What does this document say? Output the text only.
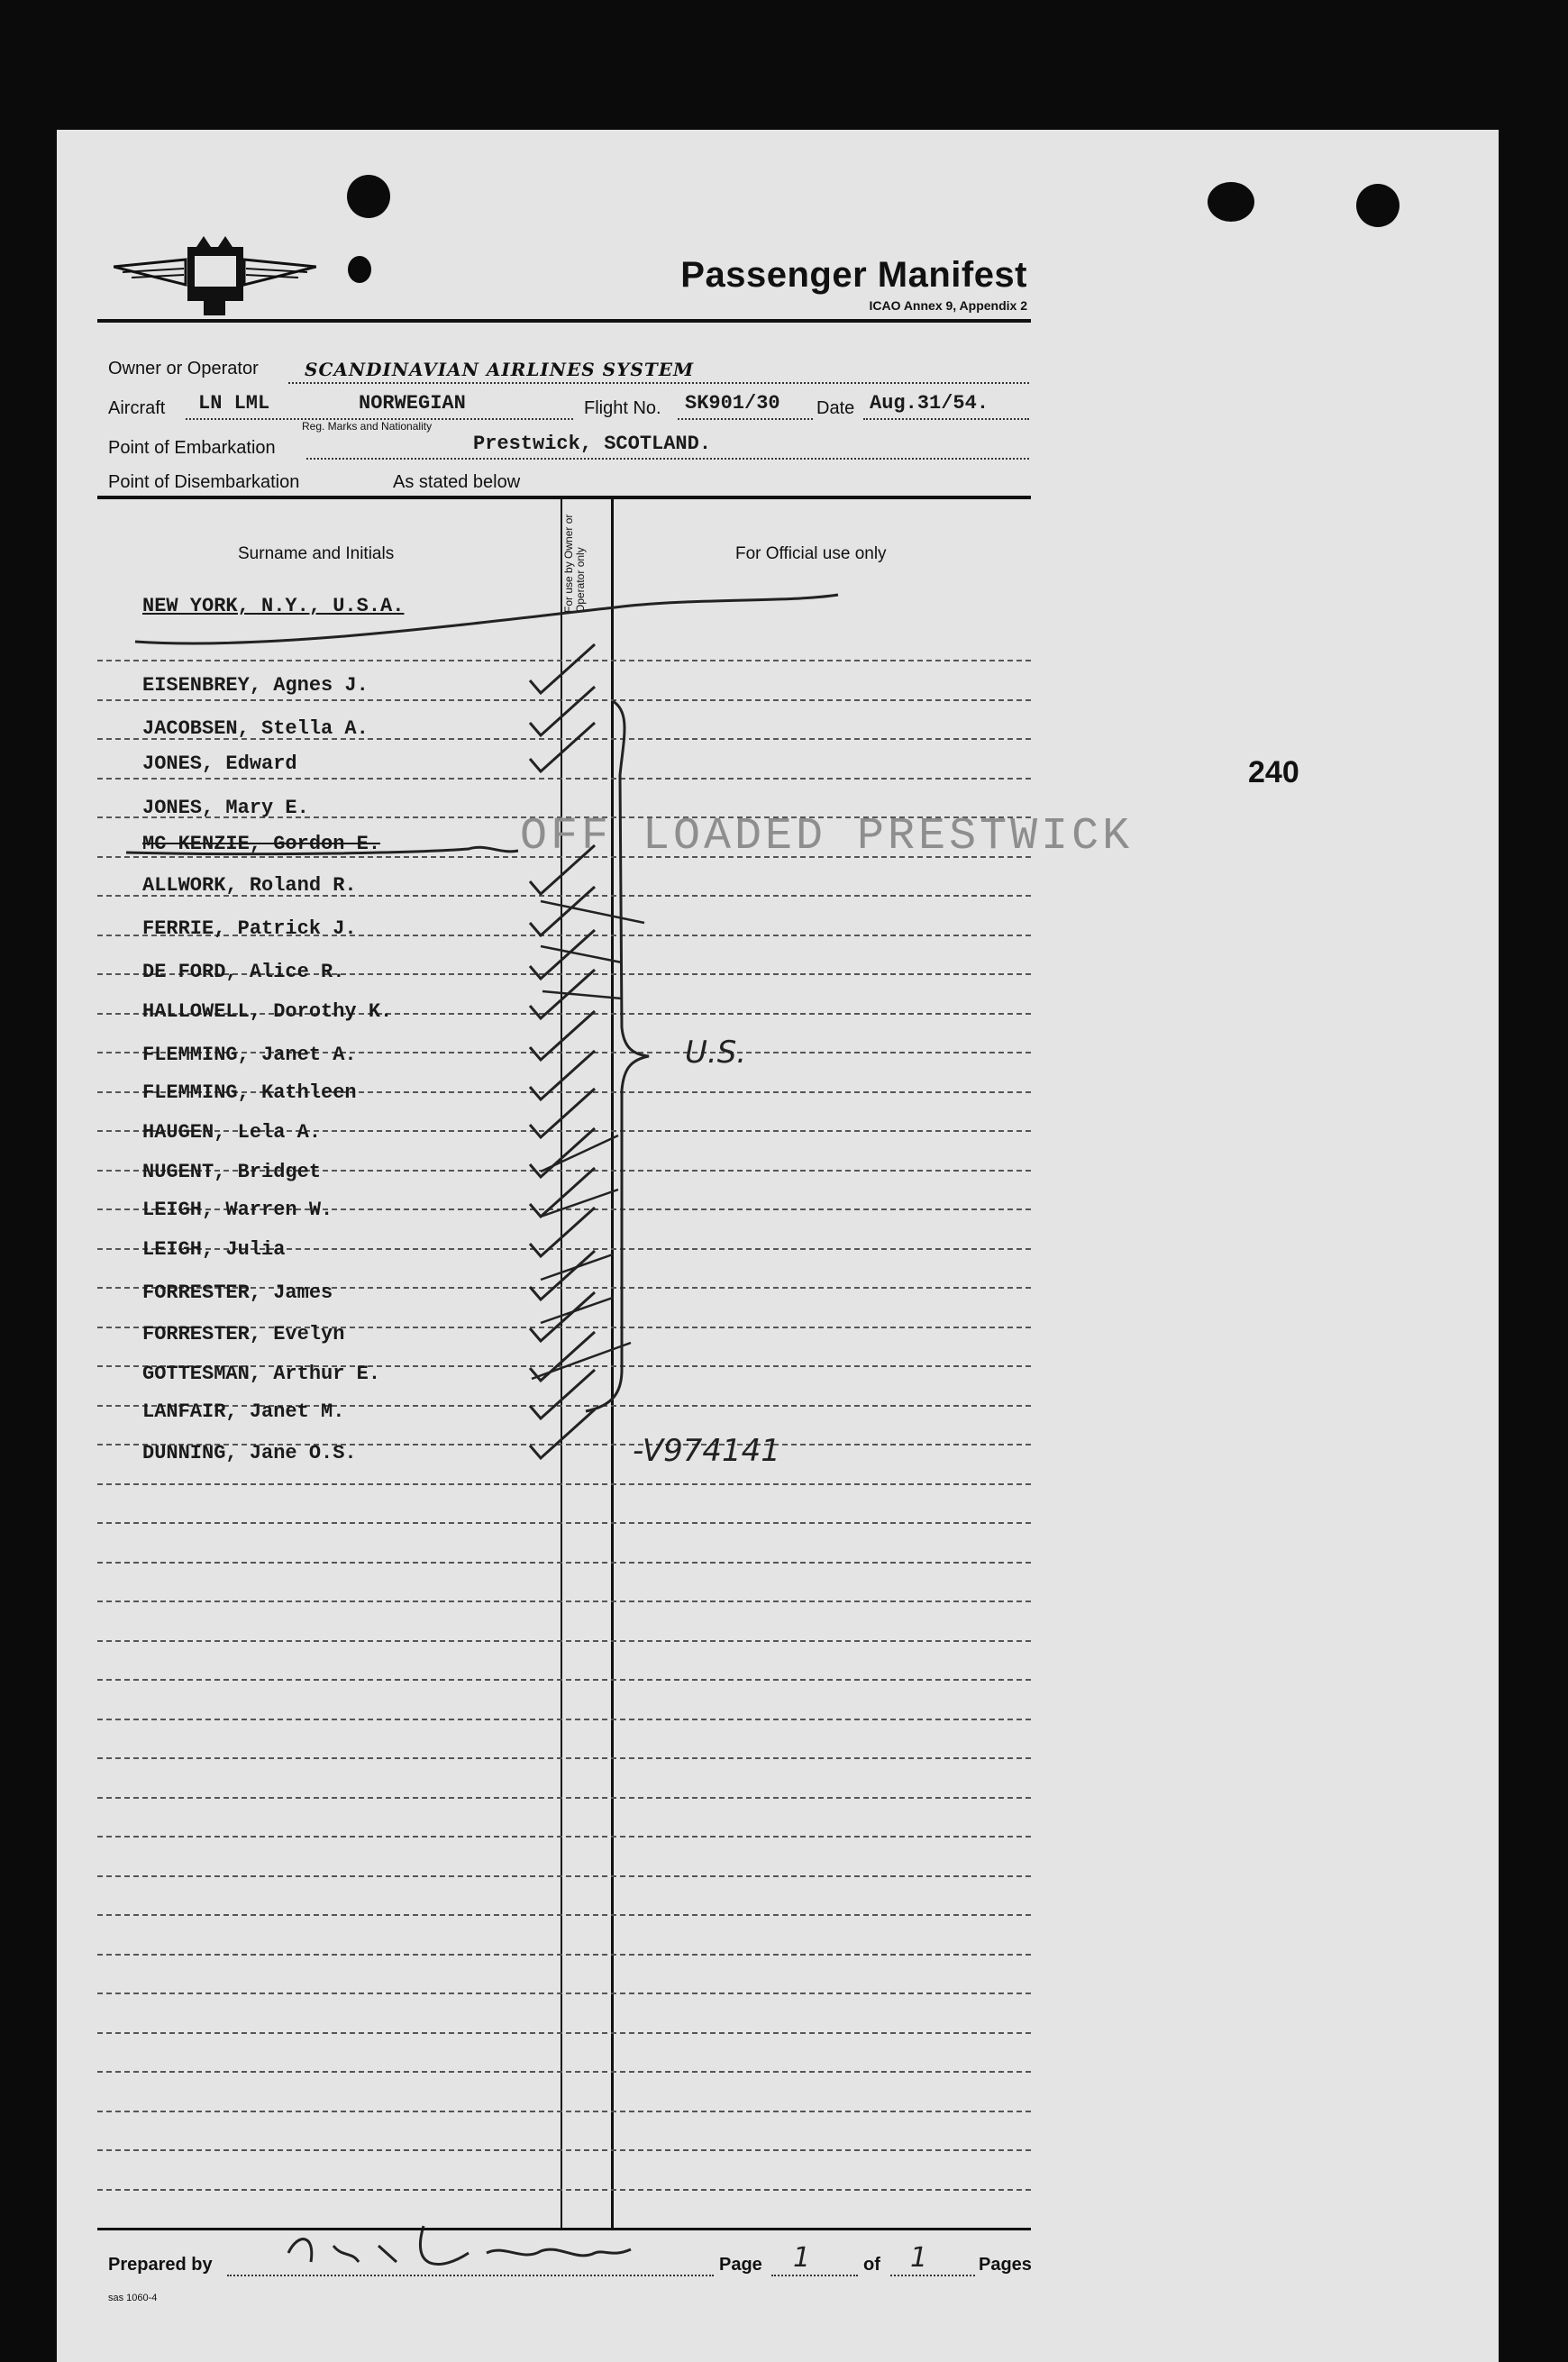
Passenger Manifest
ICAO Annex 9, Appendix 2
Owner or Operator	SCANDINAVIAN AIRLINES SYSTEM
Aircraft LN LML	NORWEGIAN
Reg. Marks and Nationality
Flight No. SK901/30 Date Aug.31/54.
Point of Embarkation	Prestwick, SCOTLAND.
Point of Disembarkation	As stated below
Surname and Initials	For use by Owner or Operator only	For Official use only
NEW YORK, N.Y., U.S.A.
EISENBREY, Agnes J.
JACOBSEN, Stella A.
JONES, Edward
JONES, Mary E.
MC KENZIE, Gordon E.
ALLWORK, Roland R.
FERRIE, Patrick J.
DE FORD, Alice R.
HALLOWELL, Dorothy K.
FLEMMING, Janet A.
FLEMMING, Kathleen
HAUGEN, Lela A.
NUGENT, Bridget
LEIGH, Warren W.
LEIGH, Julia
FORRESTER, James
FORRESTER, Evelyn
GOTTESMAN, Arthur E.
LANFAIR, Janet M.
DUNNING, Jane O.S.
OFF LOADED PRESTWICK
U.S.
-V974141
240
Prepared by	Page 1	of 1	Pages
sas 1060-4
